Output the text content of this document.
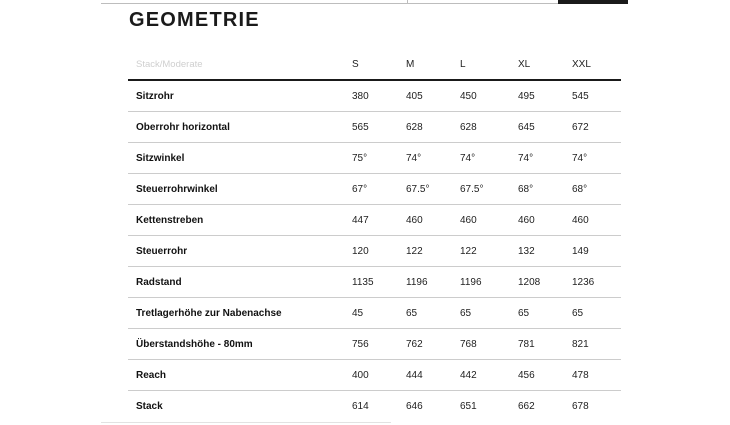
GEOMETRIE
Stack/Moderate	S	M	L	XL	XXL
Sitzrohr	380	405	450	495	545
Oberrohr horizontal	565	628	628	645	672
Sitzwinkel	75°	74°	74°	74°	74°
Steuerrohrwinkel	67°	67.5°	67.5°	68°	68°
Kettenstreben	447	460	460	460	460
Steuerrohr	120	122	122	132	149
Radstand	1135	1196	1196	1208	1236
Tretlagerhöhe zur Nabenachse	45	65	65	65	65
Überstandshöhe - 80mm	756	762	768	781	821
Reach	400	444	442	456	478
Stack	614	646	651	662	678
